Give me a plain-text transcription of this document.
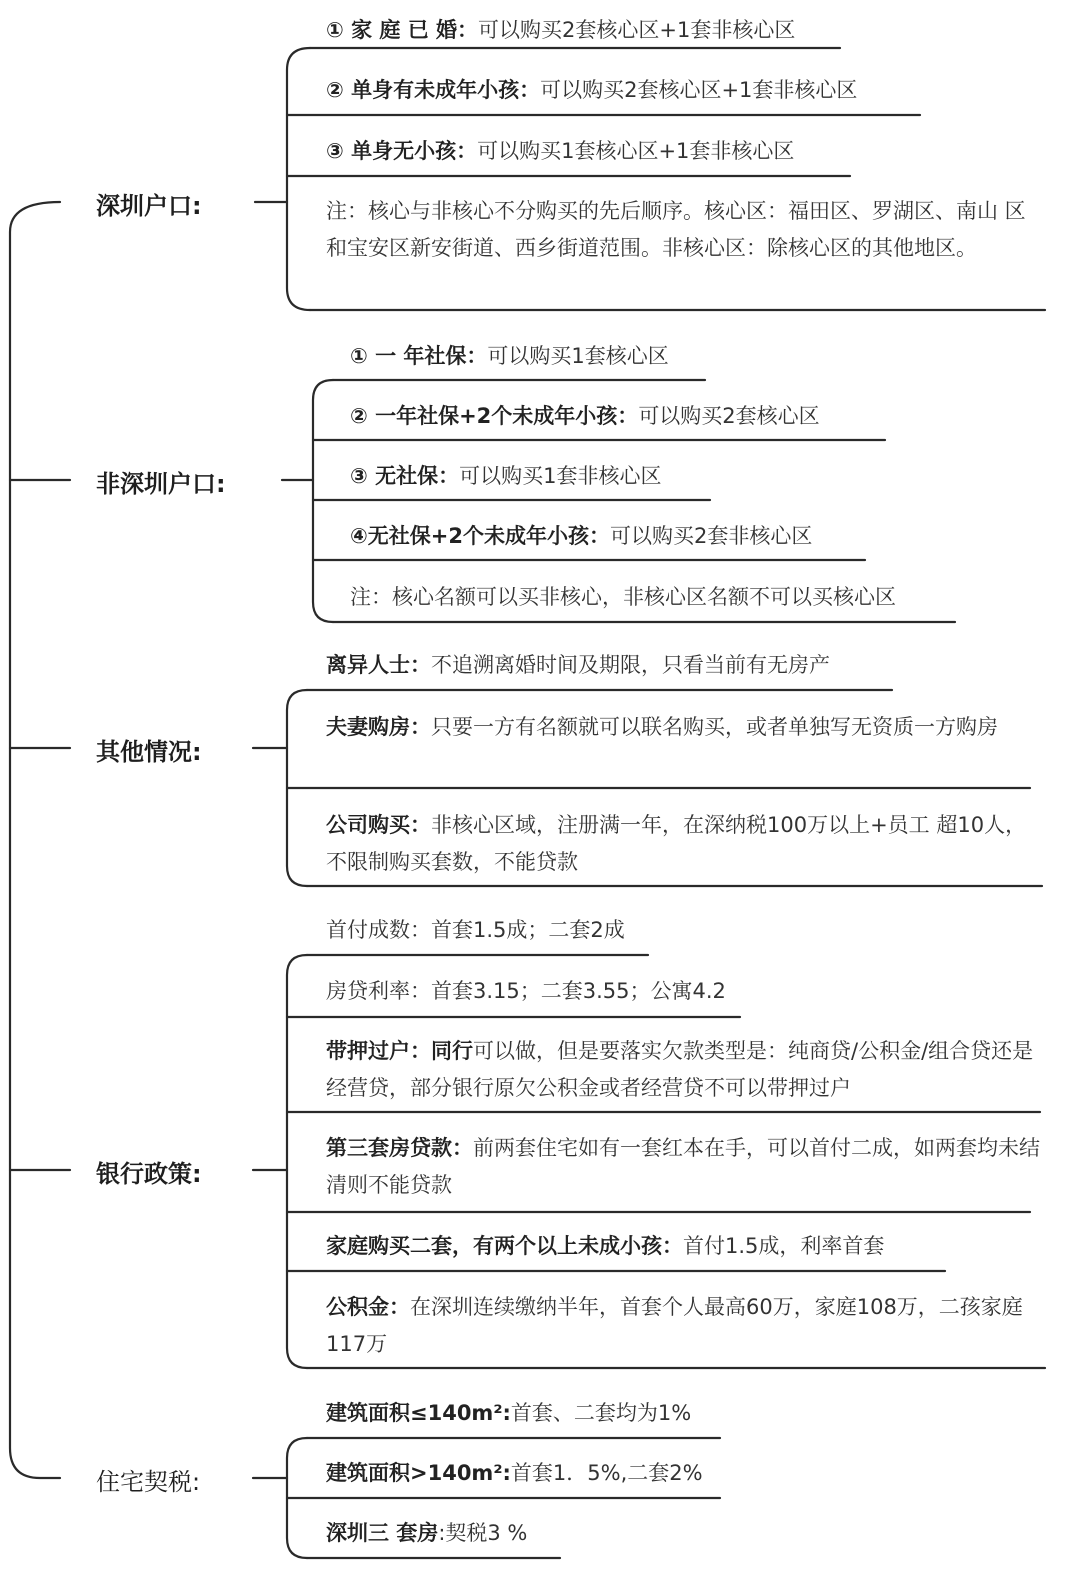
深圳户口:
非深圳户口:
其他情况:
银行政策:
住宅契税:
① 家 庭 已 婚：可以购买2套核心区+1套非核心区
② 单身有未成年小孩：可以购买2套核心区+1套非核心区
③ 单身无小孩：可以购买1套核心区+1套非核心区
注：核心与非核心不分购买的先后顺序。核心区：福田区、罗湖区、南山 区和宝安区新安街道、西乡街道范围。非核心区：除核心区的其他地区。
① 一 年社保：可以购买1套核心区
② 一年社保+2个未成年小孩：可以购买2套核心区
③ 无社保：可以购买1套非核心区
④无社保+2个未成年小孩：可以购买2套非核心区
注：核心名额可以买非核心，非核心区名额不可以买核心区
离异人士：不追溯离婚时间及期限，只看当前有无房产
夫妻购房：只要一方有名额就可以联名购买，或者单独写无资质一方购房
公司购买：非核心区域，注册满一年，在深纳税100万以上+员工 超10人，不限制购买套数，不能贷款
首付成数：首套1.5成；二套2成
房贷利率：首套3.15；二套3.55；公寓4.2
带押过户：同行可以做，但是要落实欠款类型是：纯商贷/公积金/组合贷还是经营贷，部分银行原欠公积金或者经营贷不可以带押过户
第三套房贷款：前两套住宅如有一套红本在手，可以首付二成，如两套均未结清则不能贷款
家庭购买二套，有两个以上未成小孩：首付1.5成，利率首套
公积金：在深圳连续缴纳半年，首套个人最高60万，家庭108万，二孩家庭117万
建筑面积≤140m²:首套、二套均为1%
建筑面积>140m²:首套1．5%,二套2%
深圳三 套房:契税3 %
